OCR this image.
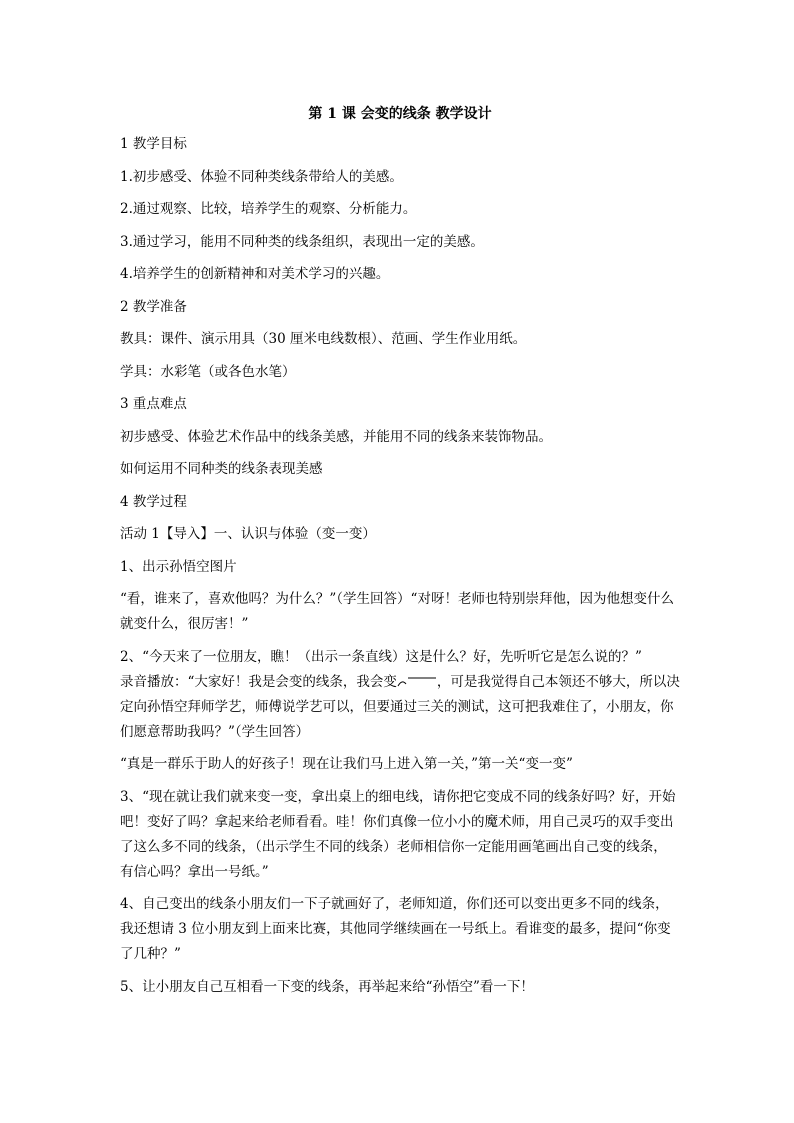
第 1 课 会变的线条 教学设计

1 教学目标

1.初步感受、体验不同种类线条带给人的美感。

2.通过观察、比较，培养学生的观察、分析能力。

3.通过学习，能用不同种类的线条组织，表现出一定的美感。

4.培养学生的创新精神和对美术学习的兴趣。

2 教学准备

教具：课件、演示用具（30 厘米电线数根）、范画、学生作业用纸。

学具：水彩笔（或各色水笔）

3 重点难点

初步感受、体验艺术作品中的线条美感，并能用不同的线条来装饰物品。

如何运用不同种类的线条表现美感

4 教学过程

活动 1【导入】一、认识与体验（变一变）

1、出示孙悟空图片

“看，谁来了，喜欢他吗？为什么？”（学生回答）“对呀！老师也特别崇拜他，因为他想变什么就变什么，很厉害！”

2、“今天来了一位朋友，瞧！（出示一条直线）这是什么？好，先听听它是怎么说的？”

录音播放：“大家好！我是会变的线条，我会变	，可是我觉得自己本领还不够大，所以决定向孙悟空拜师学艺，师傅说学艺可以，但要通过三关的测试，这可把我难住了，小朋友，你们愿意帮助我吗？”（学生回答）

“真是一群乐于助人的好孩子！现在让我们马上进入第一关，”第一关“变一变”

3、“现在就让我们就来变一变，拿出桌上的细电线，请你把它变成不同的线条好吗？好，开始吧！变好了吗？拿起来给老师看看。哇！你们真像一位小小的魔术师，用自己灵巧的双手变出了这么多不同的线条，（出示学生不同的线条）老师相信你一定能用画笔画出自己变的线条，有信心吗？拿出一号纸。”

4、自己变出的线条小朋友们一下子就画好了，老师知道，你们还可以变出更多不同的线条，我还想请 3 位小朋友到上面来比赛，其他同学继续画在一号纸上。看谁变的最多，提问“你变了几种？”

5、让小朋友自己互相看一下变的线条，再举起来给“孙悟空”看一下！
